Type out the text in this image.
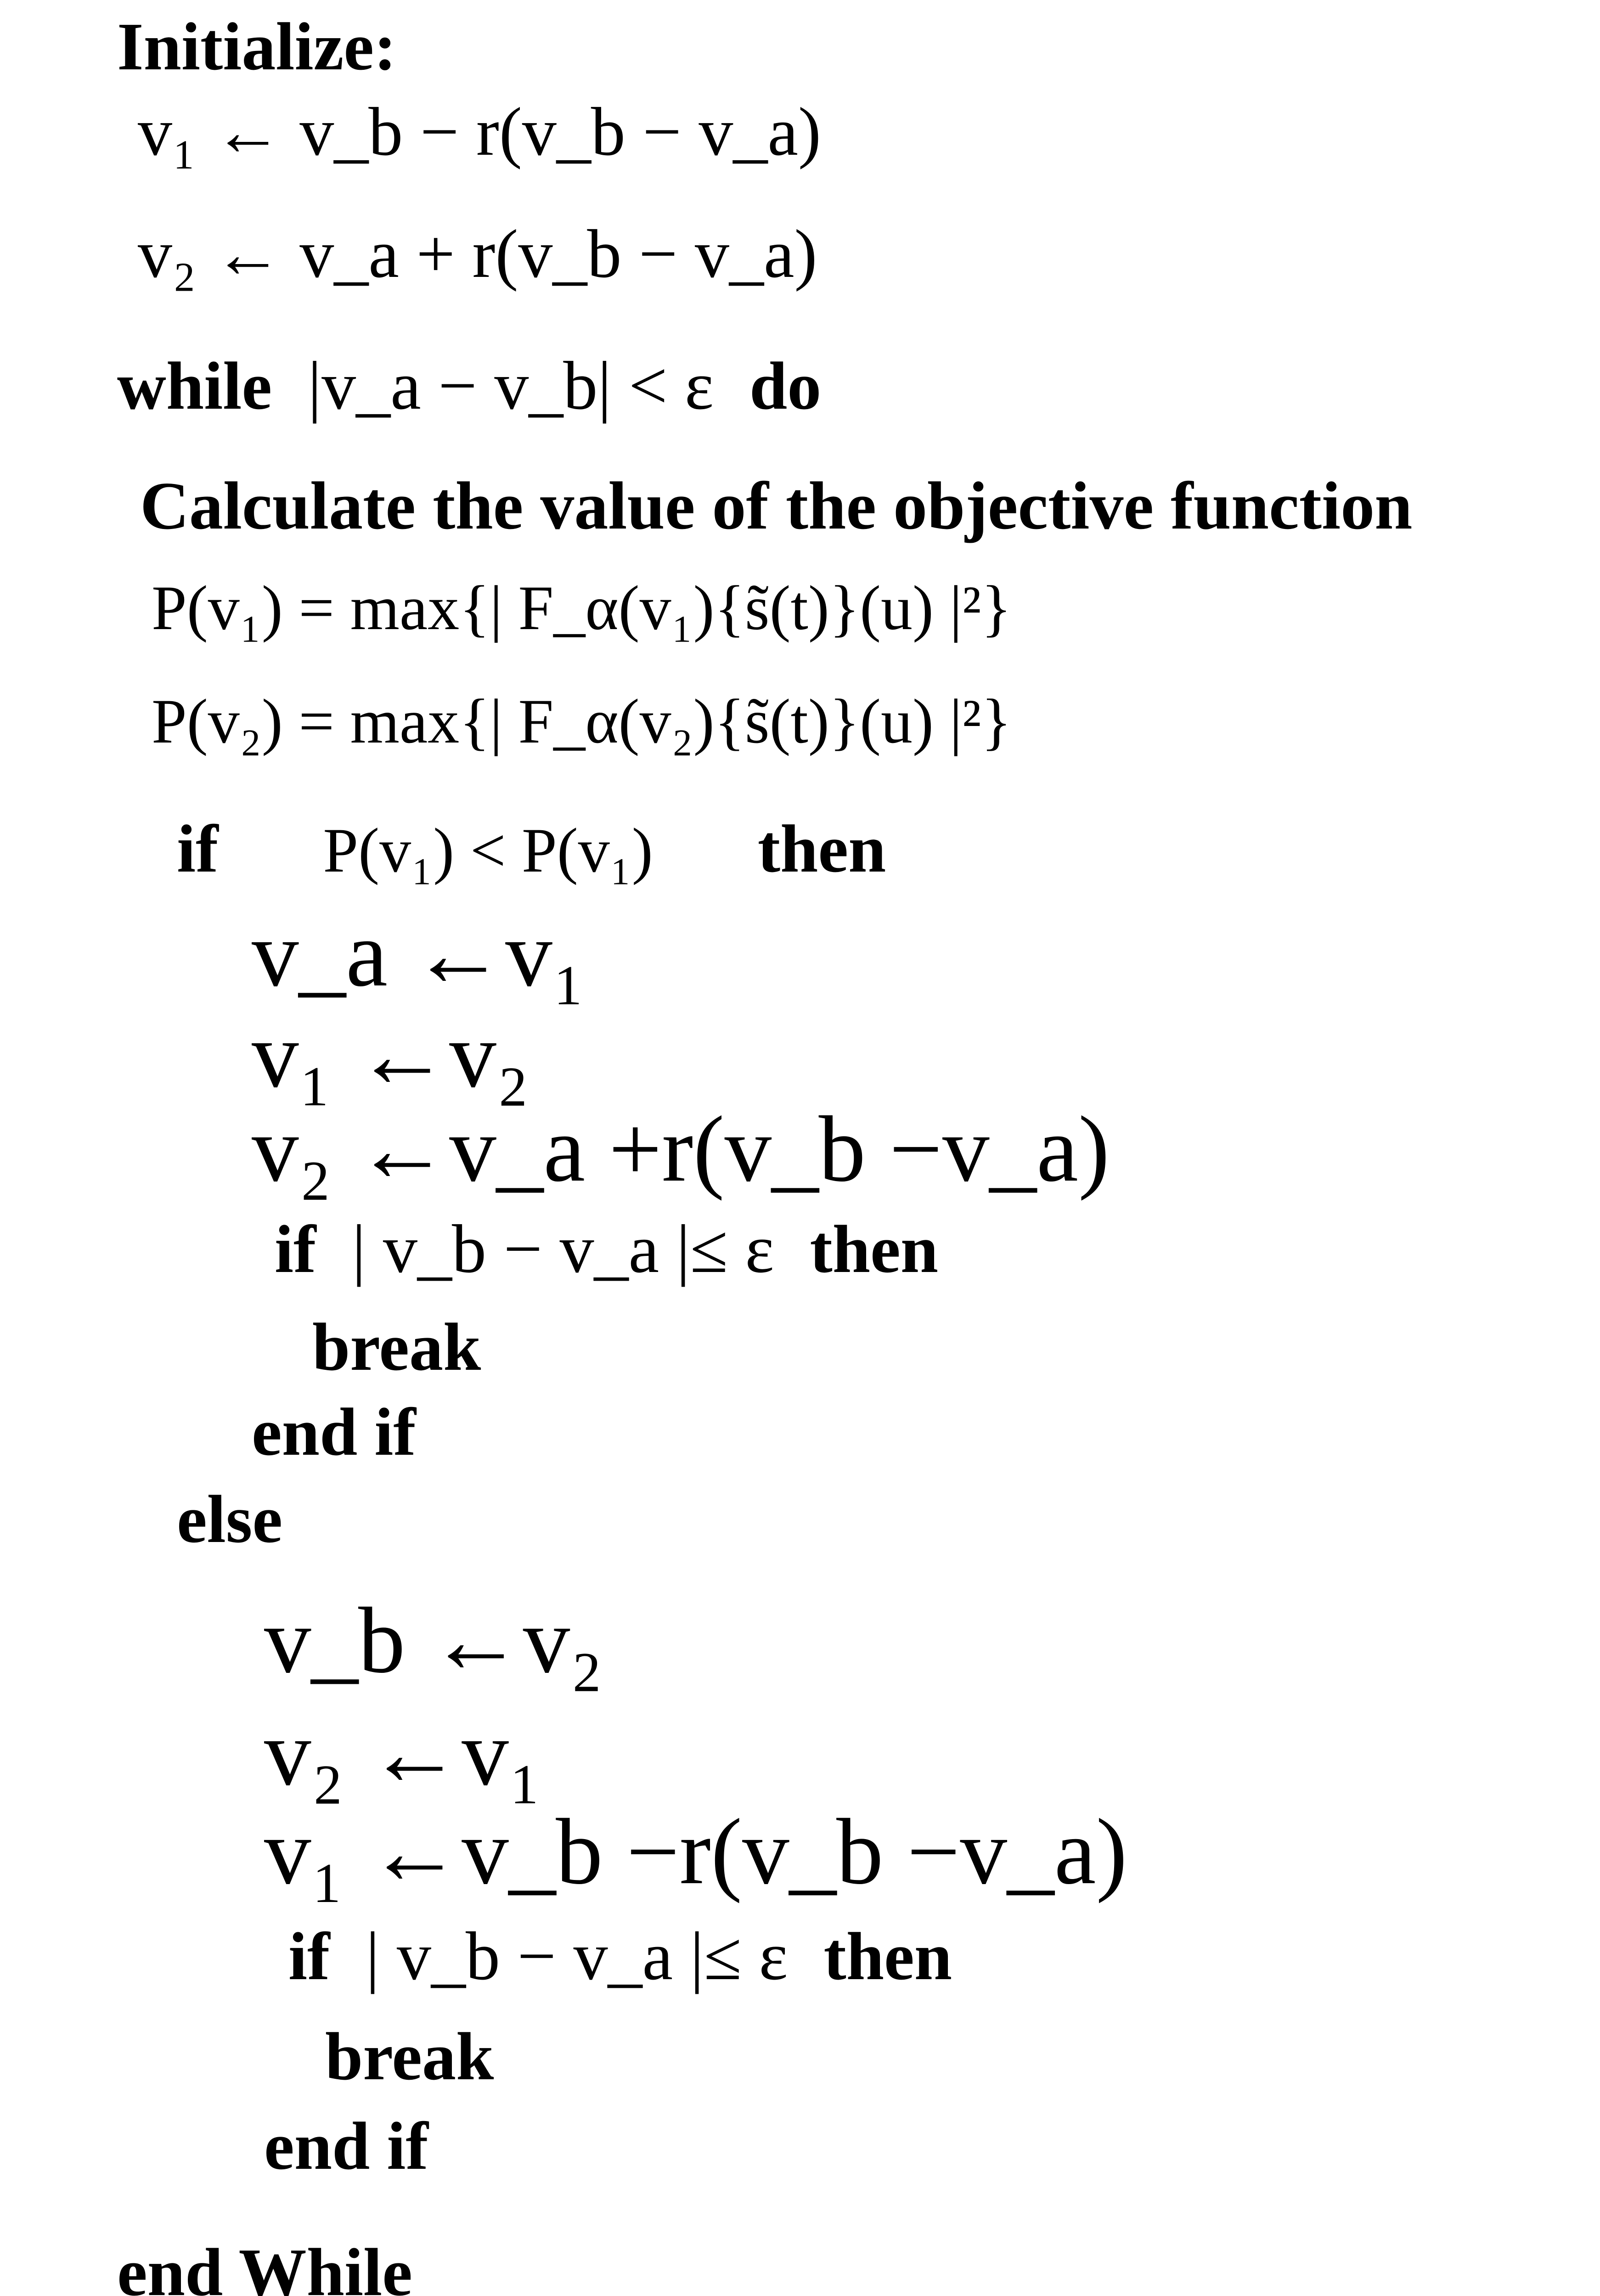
Initialize:
v₁ ← v_b − r(v_b − v_a)
v₂ ← v_a + r(v_b − v_a)
while |v_a − v_b| < ε do
Calculate the value of the objective function
P(v₁) = max{| F_α(v₁){s̃(t)}(u) |²}
P(v₂) = max{| F_α(v₂){s̃(t)}(u) |²}
if P(v₁) < P(v₁) then
v_a ←v₁
v₁ ←v₂
v₂ ←v_a +r(v_b −v_a)
if | v_b − v_a |≤ ε then
break
end if
else
v_b ←v₂
v₂ ←v₁
v₁ ←v_b −r(v_b −v_a)
if | v_b − v_a |≤ ε then
break
end if
end While
